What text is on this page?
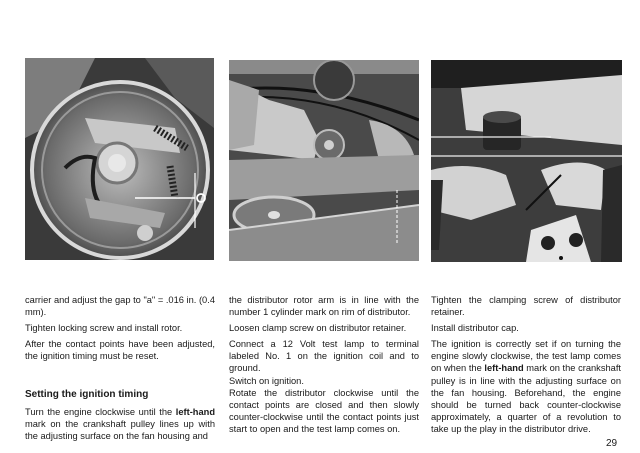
carrier and adjust the gap to "a" = .016 in. (0.4 mm).

Tighten locking screw and install rotor.

After the contact points have been adjusted, the ignition timing must be reset.

Setting the ignition timing

Turn the engine clockwise until the left-hand mark on the crankshaft pulley lines up with the adjusting surface on the fan housing and

the distributor rotor arm is in line with the number 1 cylinder mark on rim of distributor.

Loosen clamp screw on distributor retainer.

Connect a 12 Volt test lamp to terminal labeled No. 1 on the ignition coil and to ground.

Switch on ignition.

Rotate the distributor clockwise until the contact points are closed and then slowly counter-clockwise until the contact points just start to open and the test lamp comes on.

Tighten the clamping screw of distributor retainer.

Install distributor cap.

The ignition is correctly set if on turning the engine slowly clockwise, the test lamp comes on when the left-hand mark on the crankshaft pulley is in line with the adjusting surface on the fan housing. Beforehand, the engine should be turned back counter-clockwise approximately, a quarter of a revolution to take up the play in the distributor drive.

29
